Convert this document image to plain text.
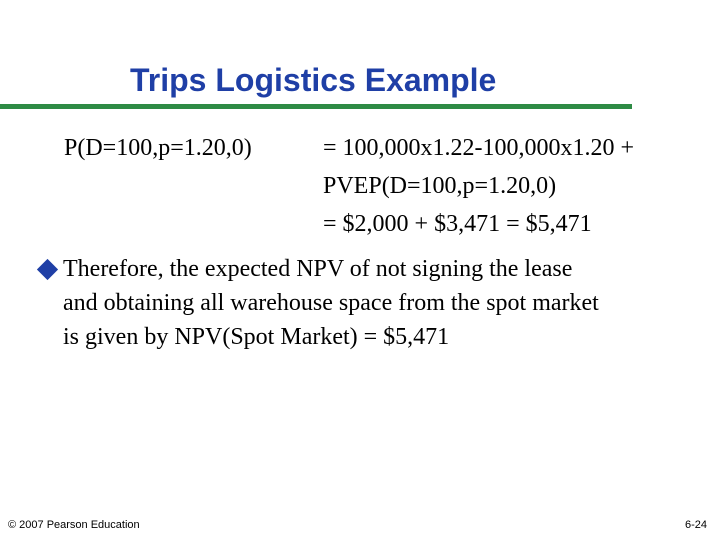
Trips Logistics Example
P(D=100,p=1.20,0)	= 100,000x1.22-100,000x1.20 +
PVEP(D=100,p=1.20,0)
= $2,000 + $3,471 = $5,471
Therefore, the expected NPV of not signing the lease
and obtaining all warehouse space from the spot market
is given by NPV(Spot Market) = $5,471
© 2007 Pearson Education	6-24
